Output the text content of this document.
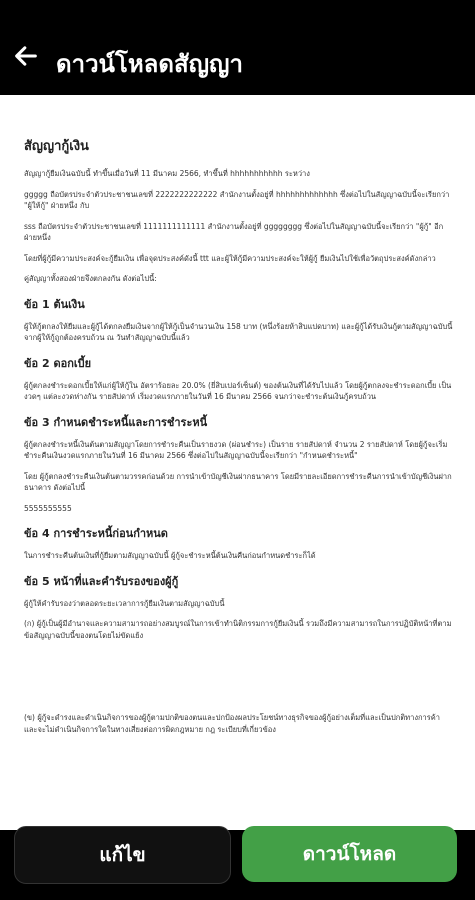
ดาวน์โหลดสัญญา
สัญญากู้เงิน

สัญญากู้ยืมเงินฉบับนี้ ทำขึ้นเมื่อวันที่ 11 มีนาคม 2566, ทำขึ้นที่ hhhhhhhhhhh ระหว่าง

ggggg ถือบัตรประจำตัวประชาชนเลขที่ 2222222222222 สำนักงานตั้งอยู่ที่ hhhhhhhhhhhhh ซึ่งต่อไปในสัญญาฉบับนี้จะเรียกว่า "ผู้ให้กู้" ฝ่ายหนึ่ง กับ

sss ถือบัตรประจำตัวประชาชนเลขที่ 1111111111111 สำนักงานตั้งอยู่ที่ gggggggg ซึ่งต่อไปในสัญญาฉบับนี้จะเรียกว่า "ผู้กู้" อีกฝ่ายหนึ่ง

โดยที่ผู้กู้มีความประสงค์จะกู้ยืมเงิน เพื่อจุดประสงค์ดังนี้ ttt และผู้ให้กู้มีความประสงค์จะให้ผู้กู้ ยืมเงินไปใช้เพื่อวัตถุประสงค์ดังกล่าว

คู่สัญญาทั้งสองฝ่ายจึงตกลงกัน ดังต่อไปนี้:

ข้อ 1 ต้นเงิน

ผู้ให้กู้ตกลงให้ยืมและผู้กู้ได้ตกลงยืมเงินจากผู้ให้กู้เป็นจำนวนเงิน 158 บาท (หนึ่งร้อยห้าสิบแปดบาท) และผู้กู้ได้รับเงินกู้ตามสัญญาฉบับนี้จากผู้ให้กู้ถูกต้องครบถ้วน ณ วันทำสัญญาฉบับนี้แล้ว

ข้อ 2 ดอกเบี้ย

ผู้กู้ตกลงชำระดอกเบี้ยให้แก่ผู้ให้กู้ใน อัตราร้อยละ 20.0% (ยี่สิบเปอร์เซ็นต์) ของต้นเงินที่ได้รับไปแล้ว โดยผู้กู้ตกลงจะชำระดอกเบี้ย เป็นงวดๆ แต่ละงวดห่างกัน รายสัปดาห์ เริ่มงวดแรกภายในวันที่ 16 มีนาคม 2566 จนกว่าจะชำระต้นเงินกู้ครบถ้วน

ข้อ 3 กำหนดชำระหนี้และการชำระหนี้

ผู้กู้ตกลงชำระหนี้เงินต้นตามสัญญาโดยการชำระคืนเป็นรายงวด (ผ่อนชำระ) เป็นราย รายสัปดาห์ จำนวน 2 รายสัปดาห์ โดยผู้กู้จะเริ่มชำระคืนเงินงวดแรกภายในวันที่ 16 มีนาคม 2566 ซึ่งต่อไปในสัญญาฉบับนี้จะเรียกว่า "กำหนดชำระหนี้"

โดย ผู้กู้ตกลงชำระคืนเงินต้นตามวรรคก่อนด้วย การนำเข้าบัญชีเงินฝากธนาคาร โดยมีรายละเอียดการชำระคืนการนำเข้าบัญชีเงินฝากธนาคาร ดังต่อไปนี้

5555555555

ข้อ 4 การชำระหนี้ก่อนกำหนด

ในการชำระคืนต้นเงินที่กู้ยืมตามสัญญาฉบับนี้ ผู้กู้จะชำระหนี้ต้นเงินคืนก่อนกำหนดชำระก็ได้

ข้อ 5 หน้าที่และคำรับรองของผู้กู้

ผู้กู้ให้คำรับรองว่าตลอดระยะเวลาการกู้ยืมเงินตามสัญญาฉบับนี้

(ก) ผู้กู้เป็นผู้มีอำนาจและความสามารถอย่างสมบูรณ์ในการเข้าทำนิติกรรมการกู้ยืมเงินนี้ รวมถึงมีความสามารถในการปฏิบัติหน้าที่ตามข้อสัญญาฉบับนี้ของตนโดยไม่ขัดแย้ง

(ข) ผู้กู้จะดำรงและดำเนินกิจการของผู้กู้ตามปกติของตนและปกป้องผลประโยชน์ทางธุรกิจของผู้กู้อย่างเต็มที่และเป็นปกติทางการค้า และจะไม่ดำเนินกิจการใดในทางเสี่ยงต่อการผิดกฎหมาย กฎ ระเบียบที่เกี่ยวข้อง

แก้ไข	ดาวน์โหลด
